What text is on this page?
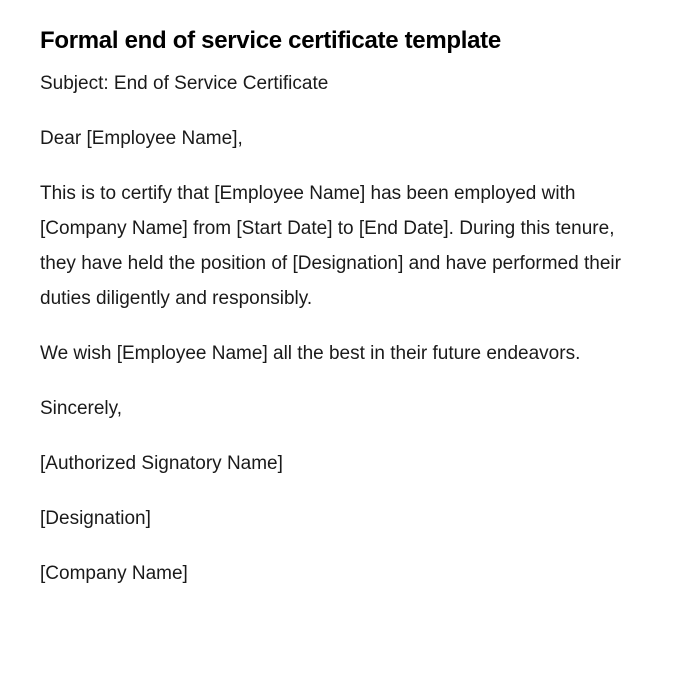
Formal end of service certificate template

Subject: End of Service Certificate

Dear [Employee Name],

This is to certify that [Employee Name] has been employed with [Company Name] from [Start Date] to [End Date]. During this tenure, they have held the position of [Designation] and have performed their duties diligently and responsibly.

We wish [Employee Name] all the best in their future endeavors.

Sincerely,

[Authorized Signatory Name]

[Designation]

[Company Name]
